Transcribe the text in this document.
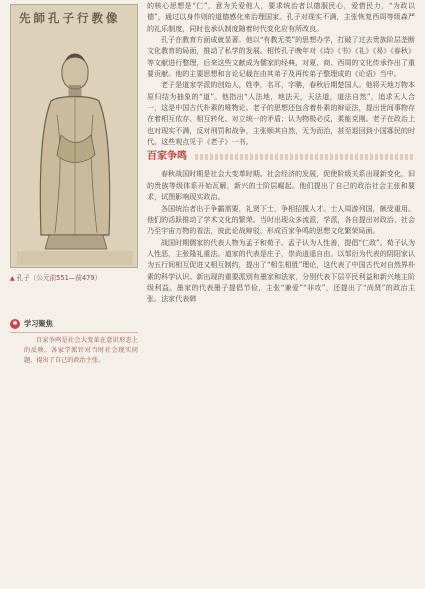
先師孔子行教像
▲ 孔子（公元前551—前479）
✱ 学习聚焦
百家争鸣是社会大变革在意识形态上的反映。各家学派针对当时社会现实问题，提出了自己的政治主张。

的核心思想是“仁”，意为关爱他人，要求统治者以德服民心，爱惜民力，“为政以德”，通过以身作则的道德感化来治理国家。孔子对现实不满，主张恢复西周等级森严的礼乐制度，同时也承认制度随着时代变化应有所改良。

孔子在教育方面成就显著。他以“有教无类”的思想办学，打破了过去贵族阶层垄断文化教育的局面，推动了私学的发展。相传孔子晚年对《诗》《书》《礼》《易》《春秋》等文献进行整理，后来这些文献成为儒家的经典，对夏、商、西周的文化传承作出了重要贡献。他的主要思想和言论记载在由其弟子及再传弟子整理成的《论语》当中。

老子是道家学派的创始人，姓李，名耳，字聃，春秋后期楚国人。他将天地万物本原归结为抽象的“道”。他指出“人法地，地法天，天法道，道法自然”，追求天人合一，这是中国古代朴素的唯物论。老子的思想还包含着朴素的辩证法，提出世间事物存在着相互依存、相互转化、对立统一的矛盾；认为物极必反，柔能克刚。老子在政治上也对现实不满，反对刑罚和战争，主张顺其自然，无为而治，甚至退回到小国寡民的时代。这些观点见于《老子》一书。

百家争鸣

春秋战国时期是社会大变革时期。社会经济的发展，促使阶级关系出现新变化，旧的贵族等级体系开始瓦解，新兴的士阶层崛起。他们提出了自己的政治社会主张和要求，试图影响现实政治。

各国统治者出于争霸需要，礼贤下士，争相招揽人才。士人周游列国，颇受重用。他们的活跃推动了学术文化的繁荣。当时出现众多流派，学派，各自提出对政治、社会乃至宇宙万物的看法，彼此论战辩驳，形成百家争鸣的思想文化繁荣局面。

战国时期儒家的代表人物为孟子和荀子。孟子认为人性善，提倡“仁政”。荀子认为人性恶，主张隆礼重法。道家的代表是庄子，崇尚逍遥自由。以邹衍为代表的阴阳家认为五行间相互促进又相互制约，提出了“相生相胜”理论，这代表了中国古代对自然界朴素的科学认识。新出现的重要派别有墨家和法家，分别代表下层平民利益和新兴地主阶级利益。墨家的代表墨子提倡节俭，主张“兼爱”“非攻”，还提出了“尚贤”的政治主张。法家代表韩
